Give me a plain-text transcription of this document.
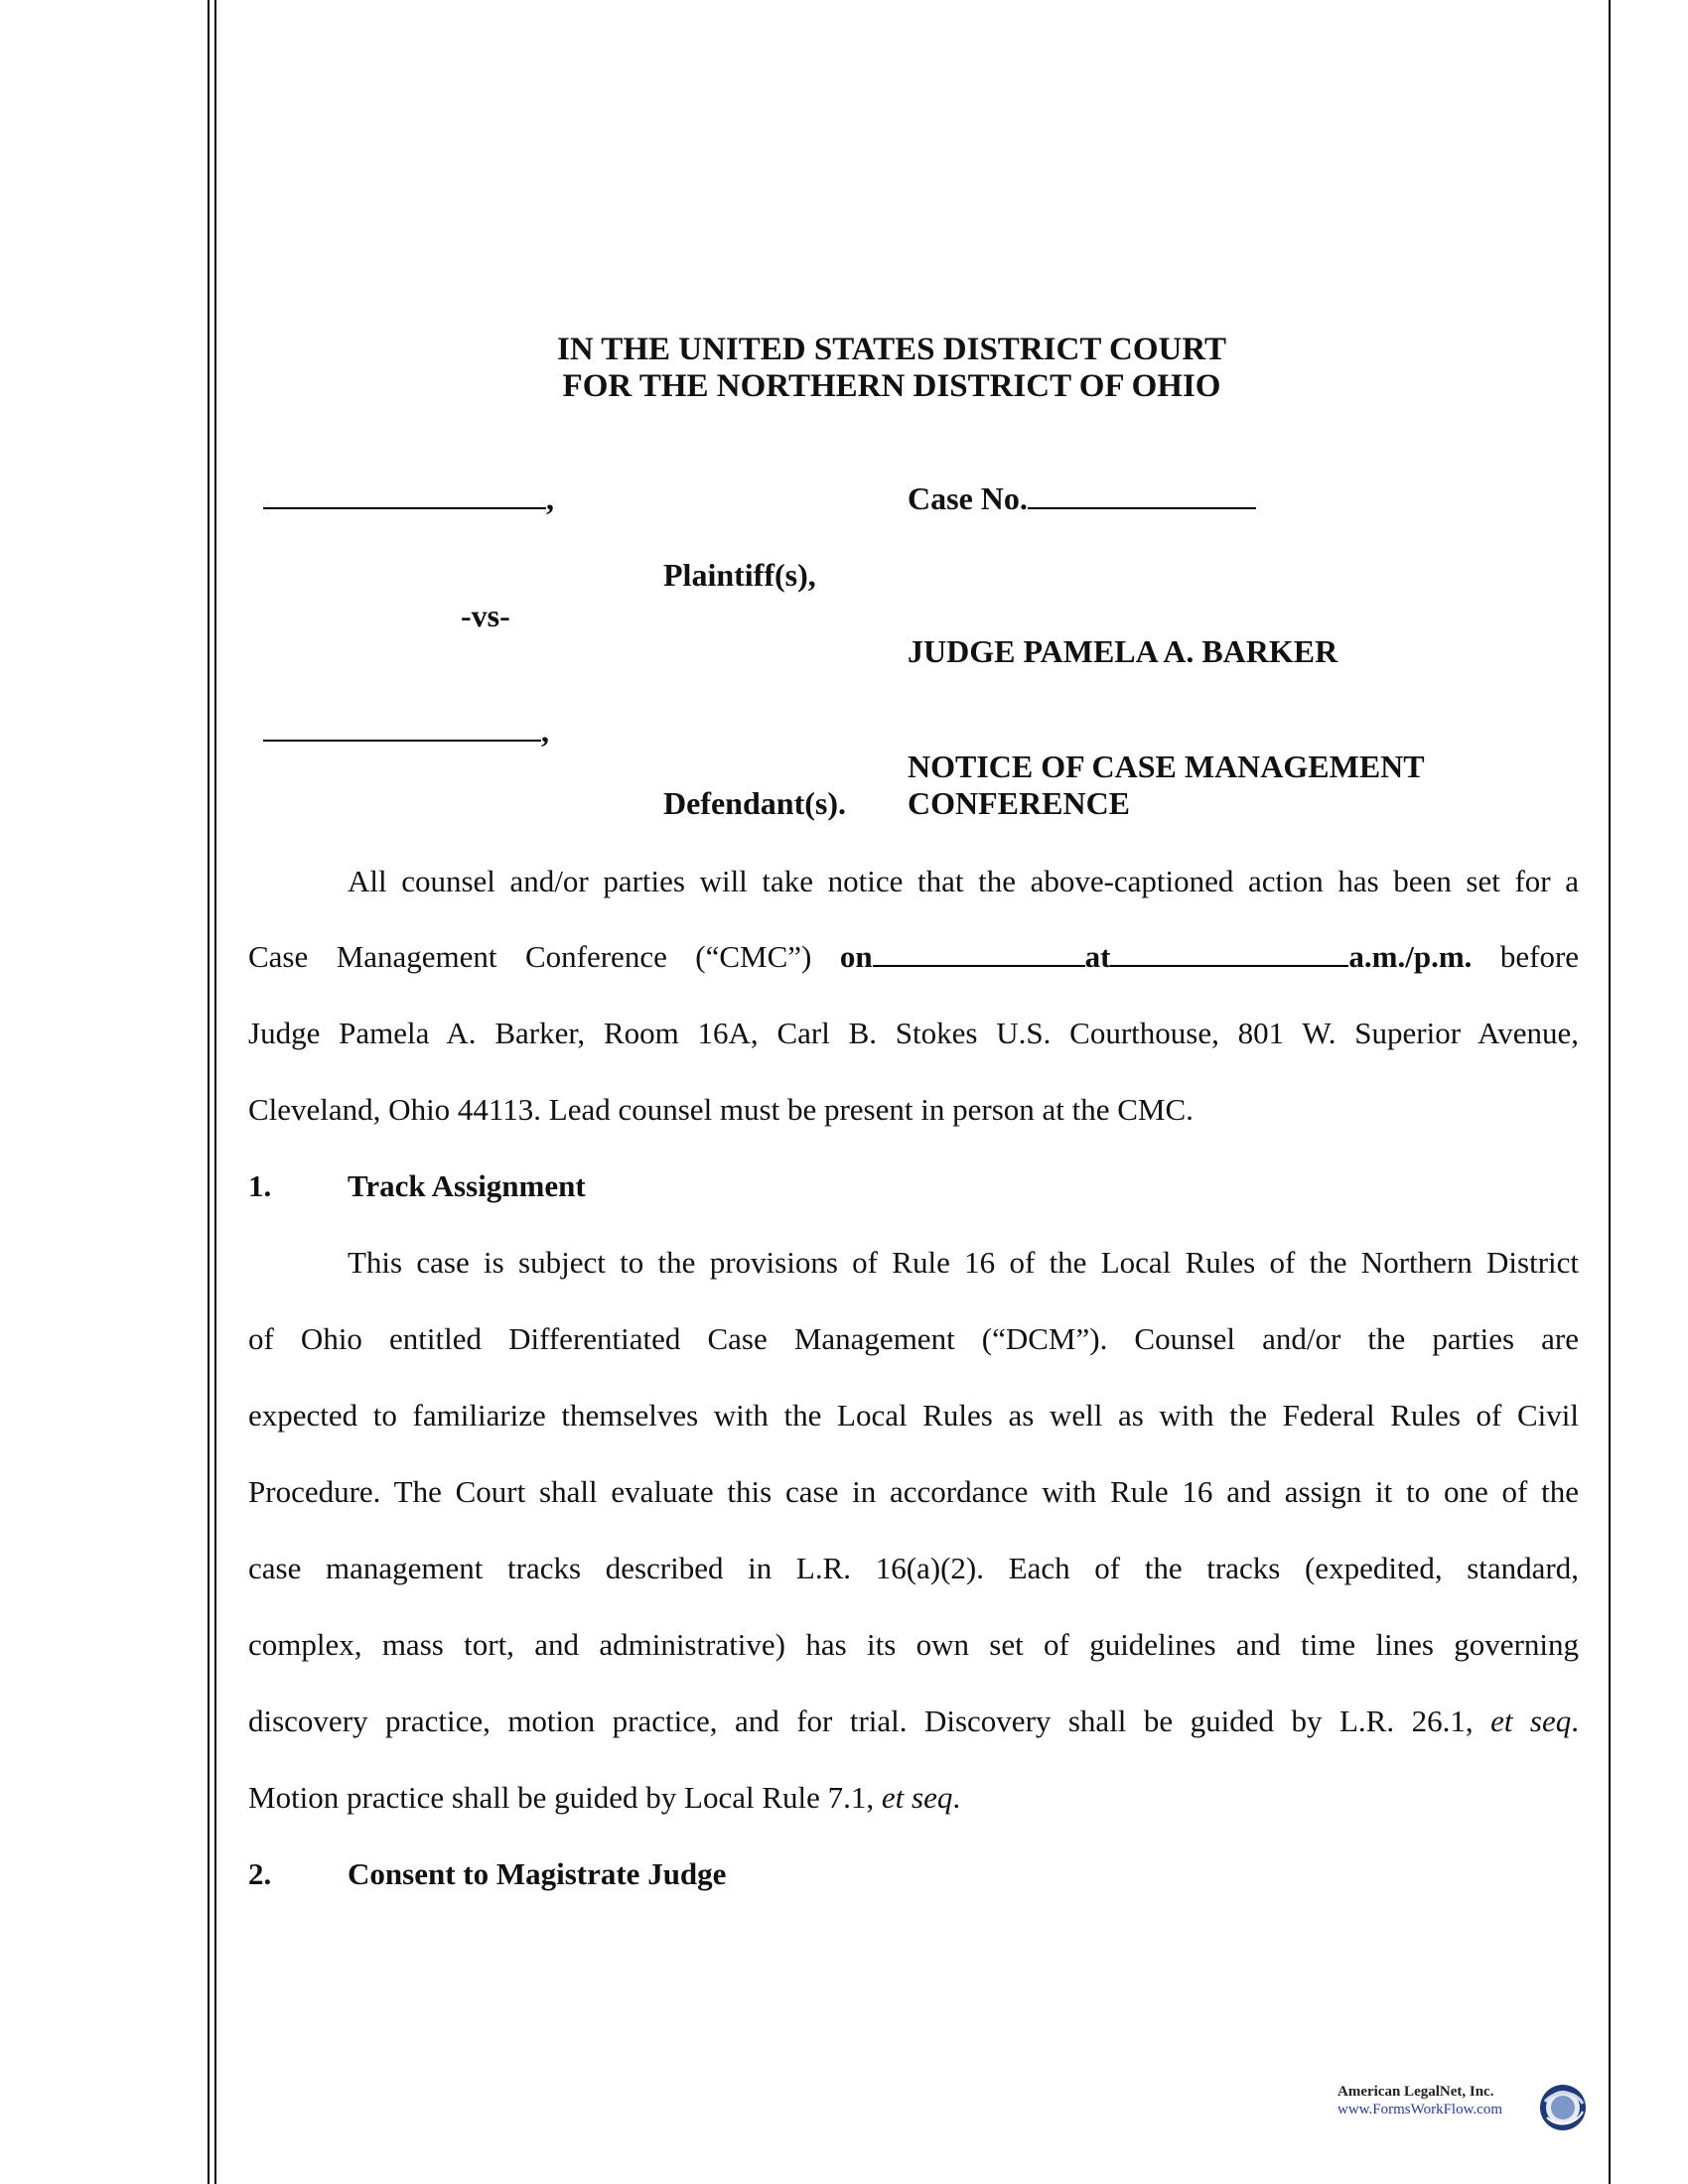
IN THE UNITED STATES DISTRICT COURT
FOR THE NORTHERN DISTRICT OF OHIO
,	Case No.
Plaintiff(s),
-vs-
JUDGE PAMELA A. BARKER
,
NOTICE OF CASE MANAGEMENT
Defendant(s). CONFERENCE
All counsel and/or parties will take notice that the above-captioned action has been set for a
Case Management Conference (“CMC”) on	at	a.m./p.m. before
Judge Pamela A. Barker, Room 16A, Carl B. Stokes U.S. Courthouse, 801 W. Superior Avenue,
Cleveland, Ohio 44113. Lead counsel must be present in person at the CMC.
1. Track Assignment
This case is subject to the provisions of Rule 16 of the Local Rules of the Northern District
of Ohio entitled Differentiated Case Management (“DCM”). Counsel and/or the parties are
expected to familiarize themselves with the Local Rules as well as with the Federal Rules of Civil
Procedure. The Court shall evaluate this case in accordance with Rule 16 and assign it to one of the
case management tracks described in L.R. 16(a)(2). Each of the tracks (expedited, standard,
complex, mass tort, and administrative) has its own set of guidelines and time lines governing
discovery practice, motion practice, and for trial. Discovery shall be guided by L.R. 26.1, et seq.
Motion practice shall be guided by Local Rule 7.1, et seq.
2. Consent to Magistrate Judge
American LegalNet, Inc.
www.FormsWorkFlow.com
